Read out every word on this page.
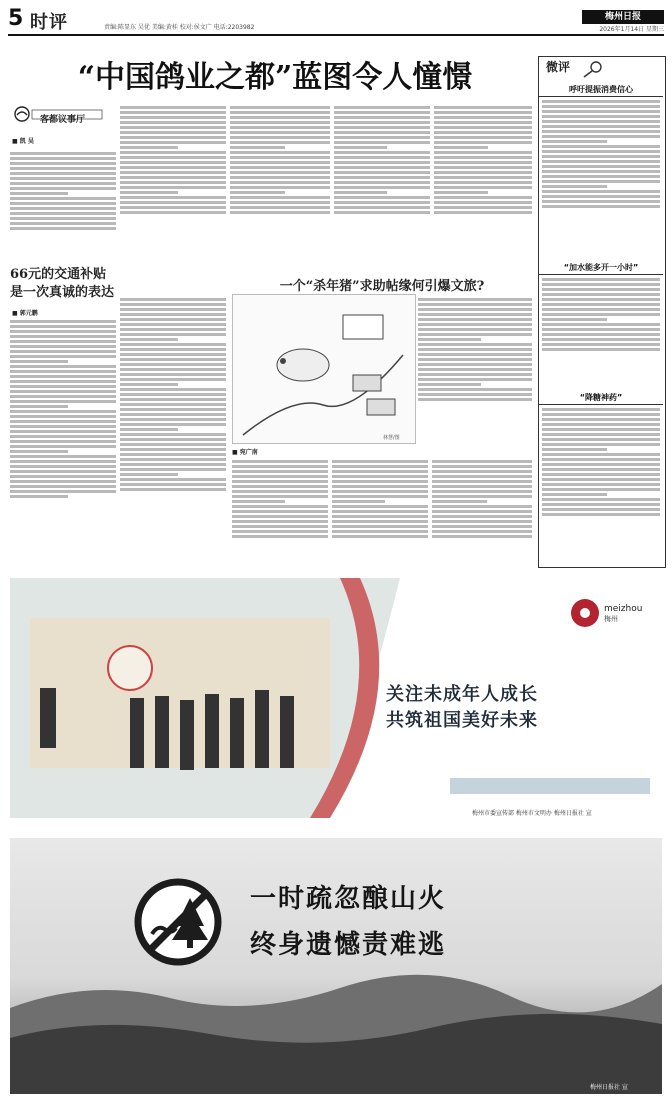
5 时评	责编:陈显东 吴优 美编:黄桂 校对:侯文广 电话:2203982
梅州日报
2026年1月14日 星期三
“中国鸽业之都”蓝图令人憧憬
客都议事厅
■ 凯 吴
66元的交通补贴
是一次真诚的表达
■ 郭元鹏
一个“杀年猪”求助帖缘何引爆文旅?
林慧/图
■ 宛广南
微评
呼吁提振消费信心
“加水能多开一小时”
“降糖神药”
meizhou
梅州
关注未成年人成长
共筑祖国美好未来
梅州市委宣传部 梅州市文明办 梅州日报社 宣
一时疏忽酿山火
终身遗憾责难逃
梅州日报社 宣
